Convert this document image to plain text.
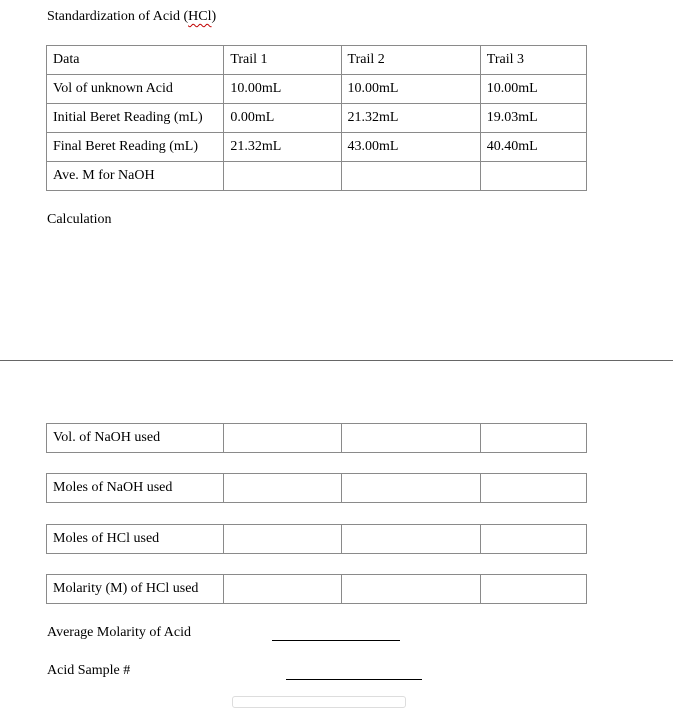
Standardization of Acid (HCl)
Data	Trail 1	Trail 2	Trail 3
Vol of unknown Acid	10.00mL	10.00mL	10.00mL
Initial Beret Reading (mL)	0.00mL	21.32mL	19.03mL
Final Beret Reading (mL)	21.32mL	43.00mL	40.40mL
Ave. M for NaOH			
Calculation
Vol. of NaOH used			
Moles of NaOH used			
Moles of HCl used			
Molarity (M) of HCl used			
Average Molarity of Acid
Acid Sample #
